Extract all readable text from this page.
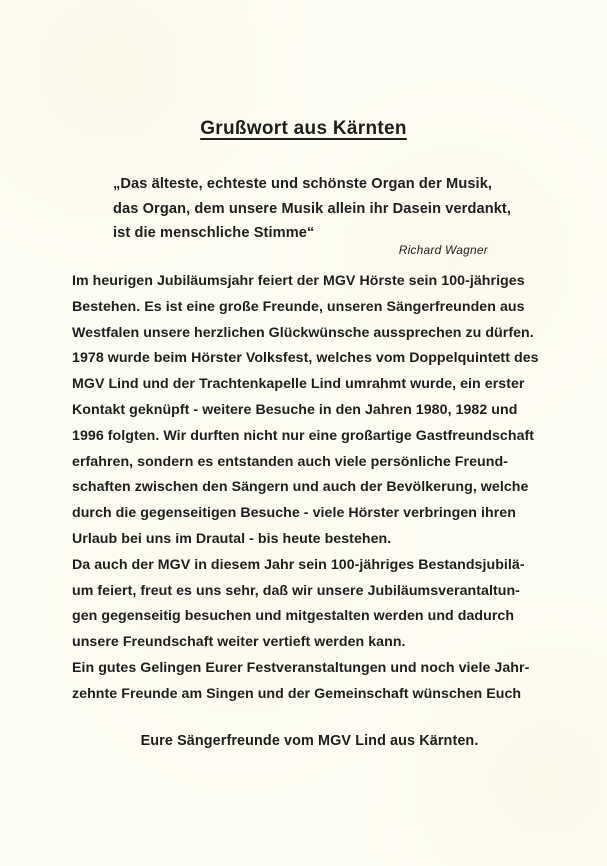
Grußwort aus Kärnten
„Das älteste, echteste und schönste Organ der Musik,
das Organ, dem unsere Musik allein ihr Dasein verdankt,
ist die menschliche Stimme“
Richard Wagner
Im heurigen Jubiläumsjahr feiert der MGV Hörste sein 100-jähriges
Bestehen. Es ist eine große Freunde, unseren Sängerfreunden aus
Westfalen unsere herzlichen Glückwünsche aussprechen zu dürfen.
1978 wurde beim Hörster Volksfest, welches vom Doppelquintett des
MGV Lind und der Trachtenkapelle Lind umrahmt wurde, ein erster
Kontakt geknüpft - weitere Besuche in den Jahren 1980, 1982 und
1996 folgten. Wir durften nicht nur eine großartige Gastfreundschaft
erfahren, sondern es entstanden auch viele persönliche Freund-
schaften zwischen den Sängern und auch der Bevölkerung, welche
durch die gegenseitigen Besuche - viele Hörster verbringen ihren
Urlaub bei uns im Drautal - bis heute bestehen.
Da auch der MGV in diesem Jahr sein 100-jähriges Bestandsjubilä-
um feiert, freut es uns sehr, daß wir unsere Jubiläumsverantaltun-
gen gegenseitig besuchen und mitgestalten werden und dadurch
unsere Freundschaft weiter vertieft werden kann.
Ein gutes Gelingen Eurer Festveranstaltungen und noch viele Jahr-
zehnte Freunde am Singen und der Gemeinschaft wünschen Euch
Eure Sängerfreunde vom MGV Lind aus Kärnten.
